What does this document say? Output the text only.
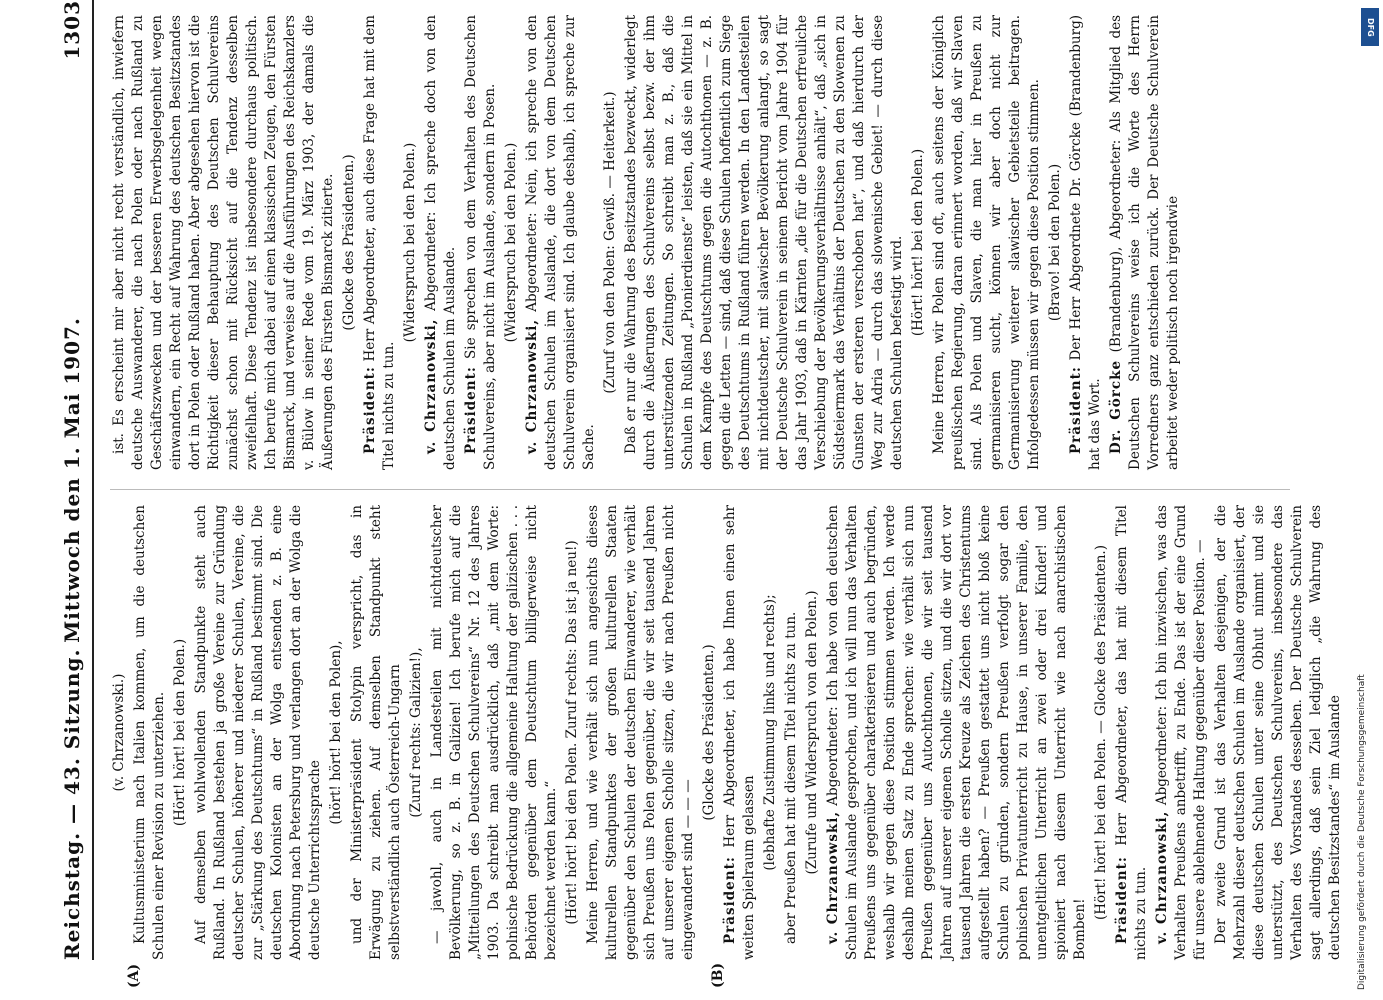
Reichstag. — 43. Sitzung.
Mittwoch den 1. Mai 1907.
1303
(A)	(B)

(v. Chrzanowski.) Kultusministerium nach Italien kommen, um die deutschen Schulen einer Revision zu unterziehen. (Hört! hört! bei den Polen.) Auf demselben wohlwollenden Standpunkte steht auch Rußland. In Rußland bestehen ja große Vereine zur Gründung deutscher Schulen, höherer und niederer Schulen, Vereine, die zur „Stärkung des Deutschtums“ in Rußland bestimmt sind. Die deutschen Kolonisten an der Wolga entsenden z. B. eine Abordnung nach Petersburg und verlangen dort an der Wolga die deutsche Unterrichtssprache

(hört! hört! bei den Polen), und der Ministerpräsident Stolypin verspricht, das in Erwägung zu ziehen. Auf demselben Standpunkt steht selbstverständlich auch Österreich-Ungarn (Zuruf rechts: Galizien!), — jawohl, auch in Landesteilen mit nichtdeutscher Bevölkerung, so z. B. in Galizien! Ich berufe mich auf die „Mitteilungen des Deutschen Schulvereins“ Nr. 12 des Jahres 1903. Da schreibt man ausdrücklich, daß „mit dem Worte: polnische Bedrückung die allgemeine Haltung der galizischen . . . Behörden gegenüber dem Deutschtum billigerweise nicht bezeichnet werden kann.“ (Hört! hört! bei den Polen. Zuruf rechts: Das ist ja neu!) Meine Herren, und wie verhält sich nun angesichts dieses kulturellen Standpunktes der großen kulturellen Staaten gegenüber den Schulen der deutschen Einwanderer, wie verhält sich Preußen uns Polen gegenüber, die wir seit tausend Jahren auf unserer eigenen Scholle sitzen, die wir nach Preußen nicht eingewandert sind — — —

(Glocke des Präsidenten.)

Präsident: Herr Abgeordneter, ich habe Ihnen einen sehr weiten Spielraum gelassen (lebhafte Zustimmung links und rechts); aber Preußen hat mit diesem Titel nichts zu tun. (Zurufe und Widerspruch von den Polen.)

v. Chrzanowski, Abgeordneter: Ich habe von den deutschen Schulen im Auslande gesprochen, und ich will nun das Verhalten Preußens uns gegenüber charakterisieren und auch begründen, weshalb wir gegen diese Position stimmen werden. Ich werde deshalb meinen Satz zu Ende sprechen: wie verhält sich nun Preußen gegenüber uns Autochthonen, die wir seit tausend Jahren auf unserer eigenen Scholle sitzen, und die wir dort vor tausend Jahren die ersten Kreuze als Zeichen des Christentums aufgestellt haben? — Preußen gestattet uns nicht bloß keine Schulen zu gründen, sondern Preußen verfolgt sogar den polnischen Privatunterricht zu Hause, in unserer Familie, den unentgeltlichen Unterricht an zwei oder drei Kinder! und spioniert nach diesem Unterricht wie nach anarchistischen Bomben!

(Hört! hört! bei den Polen. — Glocke des Präsidenten.) Präsident: Herr Abgeordneter, das hat mit diesem Titel nichts zu tun. v. Chrzanowski, Abgeordneter: Ich bin inzwischen, was das Verhalten Preußens anbetrifft, zu Ende. Das ist der eine Grund für unsere ablehnende Haltung gegenüber dieser Position. — Der zweite Grund ist das Verhalten desjenigen, der die Mehrzahl dieser deutschen Schulen im Auslande organisiert, der diese deutschen Schulen unter seine Obhut nimmt und sie unterstützt, des Deutschen Schulvereins, insbesondere das Verhalten des Vorstandes desselben. Der Deutsche Schulverein sagt allerdings, daß sein Ziel lediglich „die Wahrung des deutschen Besitzstandes“ im Auslande

ist. Es erscheint mir aber nicht recht verständlich, inwiefern deutsche Auswanderer, die nach Polen oder nach Rußland zu Geschäftszwecken und der besseren Erwerbsgelegenheit wegen einwandern, ein Recht auf Wahrung des deutschen Besitzstandes dort in Polen oder Rußland haben. Aber abgesehen hiervon ist die Richtigkeit dieser Behauptung des Deutschen Schulvereins zunächst schon mit Rücksicht auf die Tendenz desselben zweifelhaft. Diese Tendenz ist insbesondere durchaus politisch. Ich berufe mich dabei auf einen klassischen Zeugen, den Fürsten Bismarck, und verweise auf die Ausführungen des Reichskanzlers v. Bülow in seiner Rede vom 19. März 1903, der damals die Äußerungen des Fürsten Bismarck zitierte. (Glocke des Präsidenten.)

Präsident: Herr Abgeordneter, auch diese Frage hat mit dem Titel nichts zu tun.

(Widerspruch bei den Polen.)

v. Chrzanowski, Abgeordneter: Ich spreche doch von den deutschen Schulen im Auslande. Präsident: Sie sprechen von dem Verhalten des Deutschen Schulvereins, aber nicht im Auslande, sondern in Posen. (Widerspruch bei den Polen.)

v. Chrzanowski, Abgeordneter: Nein, ich spreche von den deutschen Schulen im Auslande, die dort von dem Deutschen Schulverein organisiert sind. Ich glaube deshalb, ich spreche zur Sache.

(Zuruf von den Polen: Gewiß. — Heiterkeit.) Daß er nur die Wahrung des Besitzstandes bezweckt, widerlegt durch die Äußerungen des Schulvereins selbst bezw. der ihm unterstützenden Zeitungen. So schreibt man z. B., daß die Schulen in Rußland „Pionierdienste“ leisten, daß sie ein Mittel in dem Kampfe des Deutschtums gegen die Autochthonen — z. B. gegen die Letten — sind, daß diese Schulen hoffentlich zum Siege des Deutschtums in Rußland führen werden. In den Landesteilen mit nichtdeutscher, mit slawischer Bevölkerung anlangt, so sagt der Deutsche Schulverein in seinem Bericht vom Jahre 1904 für das Jahr 1903, daß in Kärnten „die für die Deutschen erfreuliche Verschiebung der Bevölkerungsverhältnisse anhält“, daß „sich in Südsteiermark das Verhältnis der Deutschen zu den Slowenen zu Gunsten der ersteren verschoben hat“, und daß hierdurch der Weg zur Adria — durch das slowenische Gebiet! — durch diese deutschen Schulen befestigt wird. (Hört! hört! bei den Polen.) Meine Herren, wir Polen sind oft, auch seitens der Königlich preußischen Regierung, daran erinnert worden, daß wir Slaven sind. Als Polen und Slaven, die man hier in Preußen zu germanisieren sucht, können wir aber doch nicht zur Germanisierung weiterer slawischer Gebietsteile beitragen. Infolgedessen müssen wir gegen diese Position stimmen. (Bravo! bei den Polen.)

Präsident: Der Herr Abgeordnete Dr. Görcke (Brandenburg) hat das Wort. Dr. Görcke (Brandenburg), Abgeordneter: Als Mitglied des Deutschen Schulvereins weise ich die Worte des Herrn Vorredners ganz entschieden zurück. Der Deutsche Schulverein arbeitet weder politisch noch irgendwie

Digitalisierung gefördert durch die Deutsche Forschungsgemeinschaft
DFG
